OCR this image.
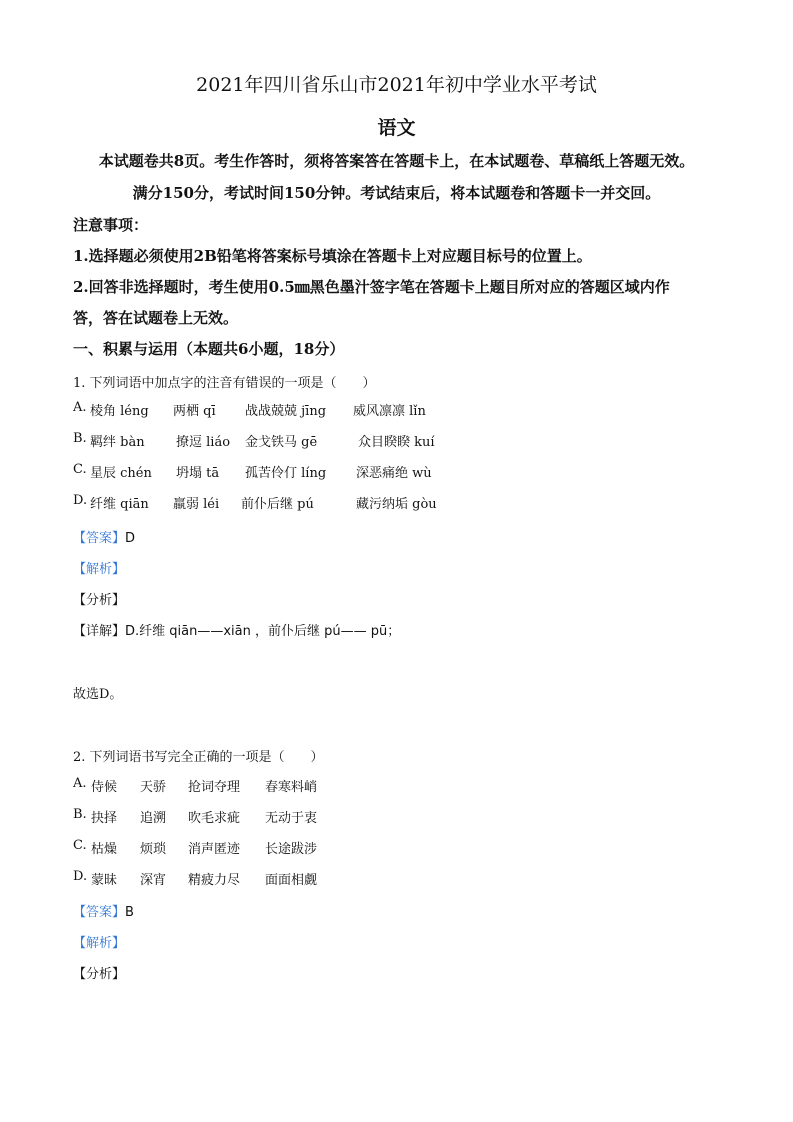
2021年四川省乐山市2021年初中学业水平考试
语文
本试题卷共8页。考生作答时，须将答案答在答题卡上，在本试题卷、草稿纸上答题无效。
满分150分，考试时间150分钟。考试结束后，将本试题卷和答题卡一并交回。
注意事项：
1.选择题必须使用2B铅笔将答案标号填涂在答题卡上对应题目标号的位置上。
2.回答非选择题时，考生使用0.5㎜黑色墨汁签字笔在答题卡上题目所对应的答题区域内作
答，答在试题卷上无效。
一、积累与运用（本题共6小题，18分）
1. 下列词语中加点字的注音有错误的一项是（　　）
A. 棱角 léng 两栖 qī 战战兢兢 jīng 威风凛凛 lǐn
B. 羁绊 bàn 撩逗 liáo 金戈铁马 gē	众目睽睽 kuí
C. 星辰 chén 坍塌 tā 孤苦伶仃 líng 深恶痛绝 wù
D. 纤维 qiān 羸弱 léi 前仆后继 pú	藏污纳垢 gòu
【答案】D
【解析】
【分析】
【详解】D.纤维 qiān——xiān ，前仆后继 pú—— pū；
故选D。
2. 下列词语书写完全正确的一项是（　　）
A. 侍候 天骄 抢词夺理 春寒料峭
B. 抉择 追溯 吹毛求疵 无动于衷
C. 枯燥 烦琐 消声匿迹 长途跋涉
D. 蒙昧 深宵 精疲力尽 面面相觑
【答案】B
【解析】
【分析】
